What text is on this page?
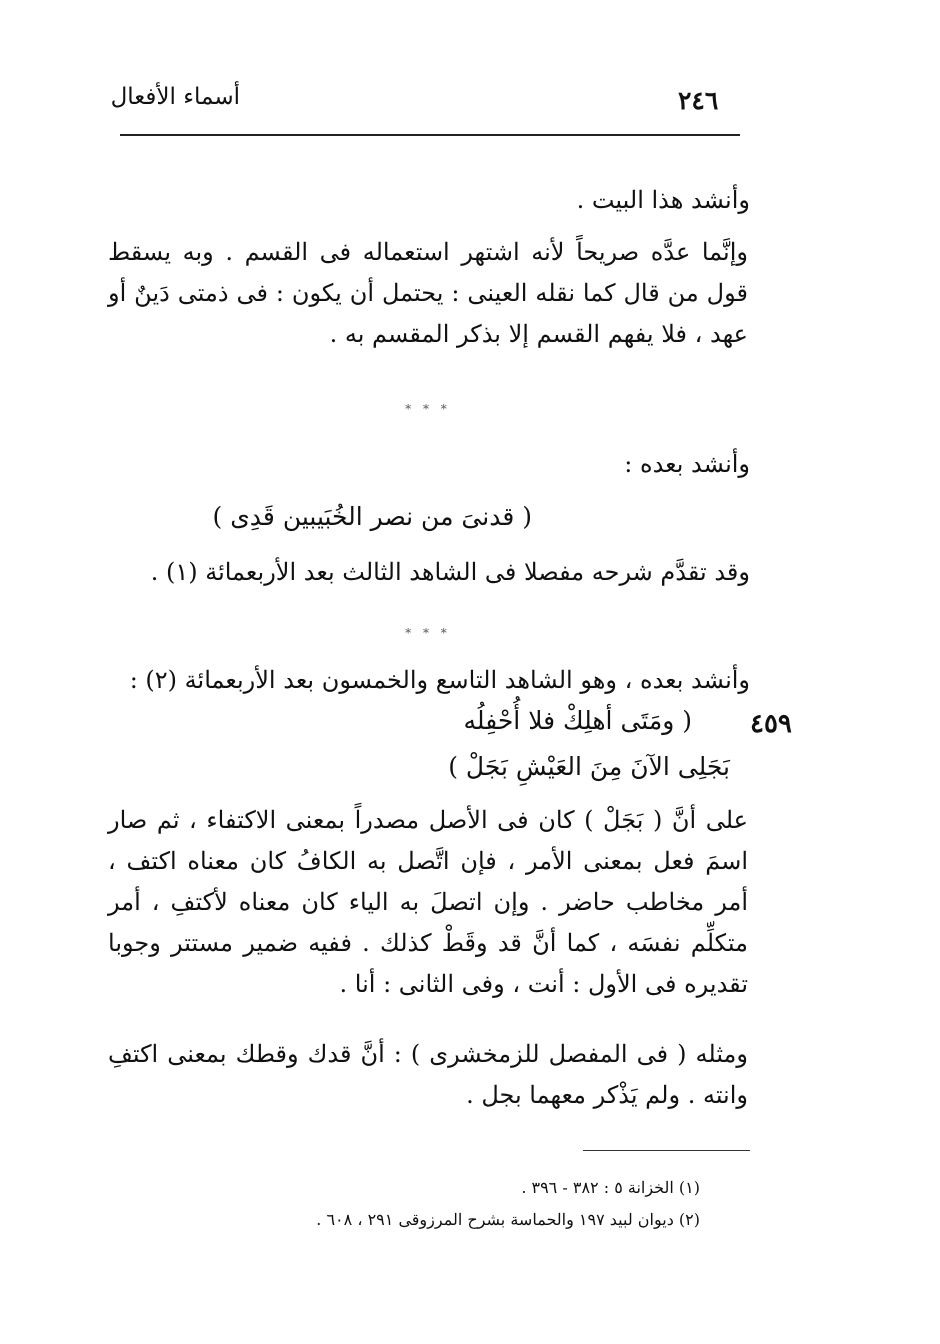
٢٤٦
أسماء الأفعال
وأنشد هذا البيت .
وإنَّما عدَّه صريحاً لأنه اشتهر استعماله فى القسم . وبه يسقط قول من قال كما نقله العينى : يحتمل أن يكون : فى ذمتى دَينٌ أو عهد ، فلا يفهم القسم إلا بذكر المقسم به .
* * *
وأنشد بعده :
( قدنىَ من نصر الخُبَيبين قَدِى )
وقد تقدَّم شرحه مفصلا فى الشاهد الثالث بعد الأربعمائة (١) .
* * *
وأنشد بعده ، وهو الشاهد التاسع والخمسون بعد الأربعمائة (٢) :
٤٥٩
( ومَتَى أهلِكْ فلا أُحْفِلُه
بَجَلِى الآنَ مِنَ العَيْشِ بَجَلْ )
على أنَّ ( بَجَلْ ) كان فى الأصل مصدراً بمعنى الاكتفاء ، ثم صار اسمَ فعل بمعنى الأمر ، فإن اتَّصل به الكافُ كان معناه اكتف ، أمر مخاطب حاضر . وإن اتصلَ به الياء كان معناه لأكتفِ ، أمر متكلِّم نفسَه ، كما أنَّ قد وقَطْ كذلك . ففيه ضمير مستتر وجوبا تقديره فى الأول : أنت ، وفى الثانى : أنا .
ومثله ( فى المفصل للزمخشرى ) : أنَّ قدك وقطك بمعنى اكتفِ وانته . ولم يَذْكر معهما بجل .
(١) الخزانة ٥ : ٣٨٢ - ٣٩٦ .
(٢) ديوان لبيد ١٩٧ والحماسة بشرح المرزوقى ٢٩١ ، ٦٠٨ .
